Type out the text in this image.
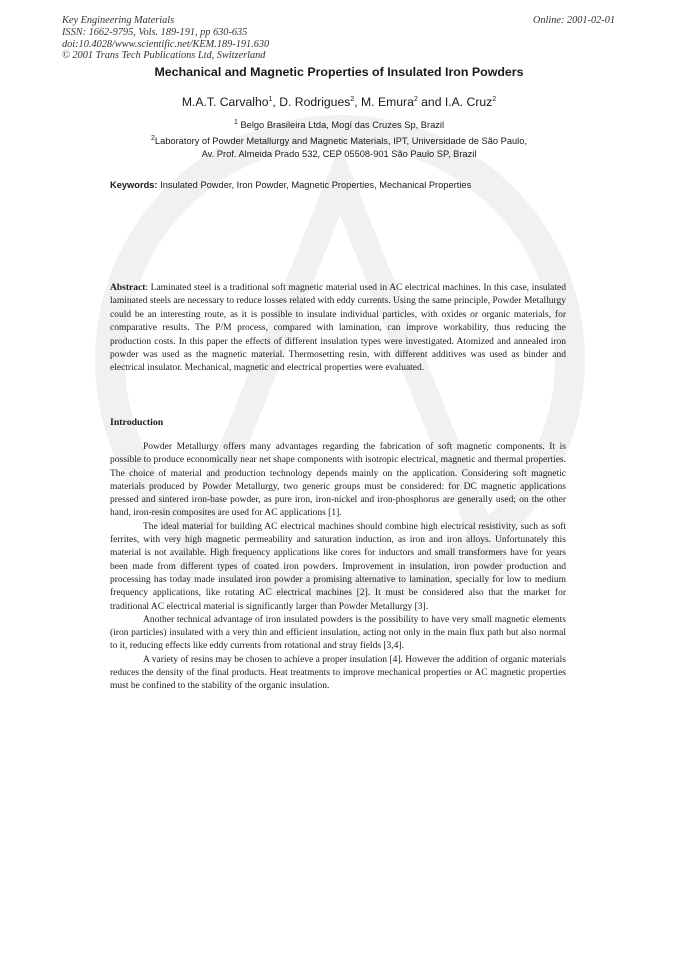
Key Engineering Materials
ISSN: 1662-9795, Vols. 189-191, pp 630-635
doi:10.4028/www.scientific.net/KEM.189-191.630
© 2001 Trans Tech Publications Ltd, Switzerland
Online: 2001-02-01
Mechanical and Magnetic Properties of Insulated Iron Powders
M.A.T. Carvalho$^1$, D. Rodrigues$^2$, M. Emura$^2$ and I.A. Cruz$^2$
$^1$ Belgo Brasileira Ltda, Mogí das Cruzes Sp, Brazil
$^2$Laboratory of Powder Metallurgy and Magnetic Materials, IPT, Universidade de São Paulo,
Av. Prof. Almeida Prado 532, CEP 05508-901 São Paulo SP, Brazil
Keywords: Insulated Powder, Iron Powder, Magnetic Properties, Mechanical Properties

Abstract: Laminated steel is a traditional soft magnetic material used in AC electrical machines. In this case, insulated laminated steels are necessary to reduce losses related with eddy currents. Using the same principle, Powder Metallurgy could be an interesting route, as it is possible to insulate individual particles, with oxides or organic materials, for comparative results. The P/M process, compared with lamination, can improve workability, thus reducing the production costs. In this paper the effects of different insulation types were investigated. Atomized and annealed iron powder was used as the magnetic material. Thermosetting resin, with different additives was used as binder and electrical insulator. Mechanical, magnetic and electrical properties were evaluated.

Introduction

Powder Metallurgy offers many advantages regarding the fabrication of soft magnetic components. It is possible to produce economically near net shape components with isotropic electrical, magnetic and thermal properties. The choice of material and production technology depends mainly on the application. Considering soft magnetic materials produced by Powder Metallurgy, two generic groups must be considered: for DC magnetic applications pressed and sintered iron-base powder, as pure iron, iron-nickel and iron-phosphorus are generally used; on the other hand, iron-resin composites are used for AC applications [1].

The ideal material for building AC electrical machines should combine high electrical resistivity, such as soft ferrites, with very high magnetic permeability and saturation induction, as iron and iron alloys. Unfortunately this material is not available. High frequency applications like cores for inductors and small transformers have for years been made from different types of coated iron powders. Improvement in insulation, iron powder production and processing has today made insulated iron powder a promising alternative to lamination, specially for low to medium frequency applications, like rotating AC electrical machines [2]. It must be considered also that the market for traditional AC electrical material is significantly larger than Powder Metallurgy [3].

Another technical advantage of iron insulated powders is the possibility to have very small magnetic elements (iron particles) insulated with a very thin and efficient insulation, acting not only in the main flux path but also normal to it, reducing effects like eddy currents from rotational and stray fields [3,4].

A variety of resins may be chosen to achieve a proper insulation [4]. However the addition of organic materials reduces the density of the final products. Heat treatments to improve mechanical properties or AC magnetic properties must be confined to the stability of the organic insulation.
